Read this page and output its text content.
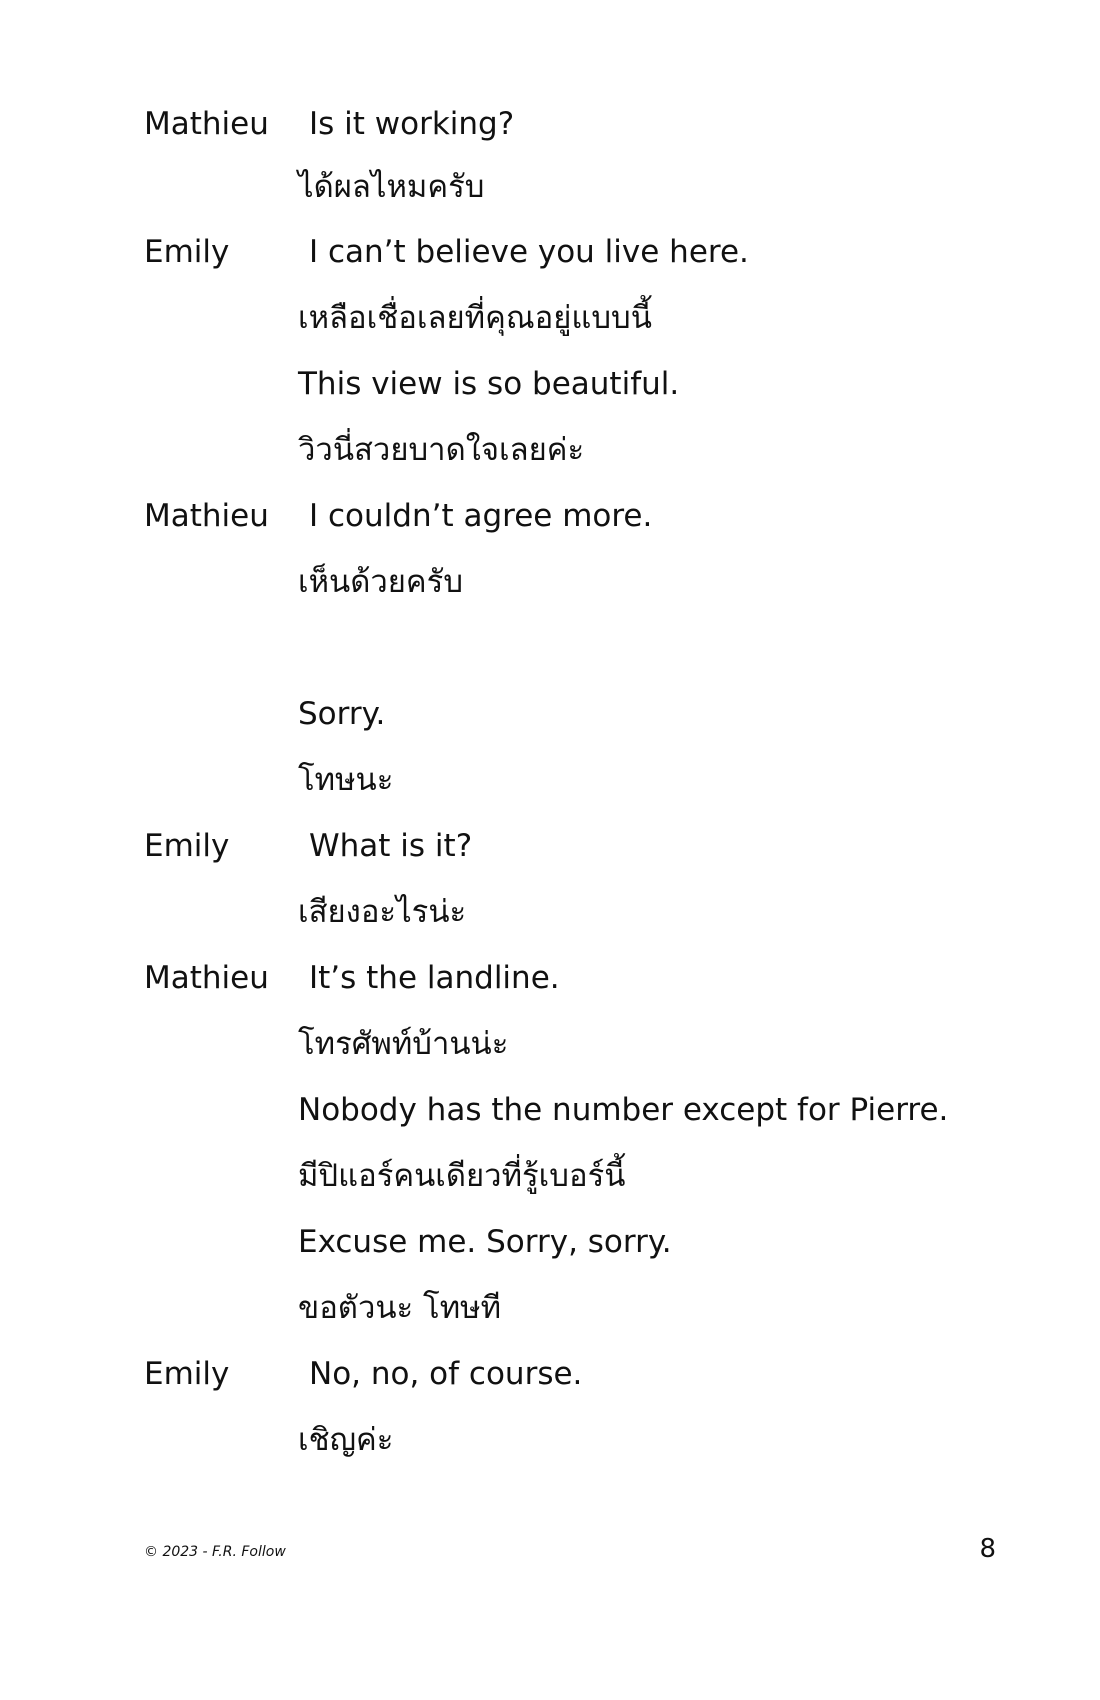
Mathieu Is it working?
ได้ผลไหมครับ
Emily	I can’t believe you live here.
เหลือเชื่อเลยที่คุณอยู่แบบนี้
This view is so beautiful.
วิวนี่สวยบาดใจเลยค่ะ
Mathieu I couldn’t agree more.
เห็นด้วยครับ
Sorry.
โทษนะ
Emily	What is it?
เสียงอะไรน่ะ
Mathieu It’s the landline.
โทรศัพท์บ้านน่ะ
Nobody has the number except for Pierre.
มีปิแอร์คนเดียวที่รู้เบอร์นี้
Excuse me. Sorry, sorry.
ขอตัวนะ โทษที
Emily	No, no, of course.
เชิญค่ะ
© 2023 - F.R. Follow	8
